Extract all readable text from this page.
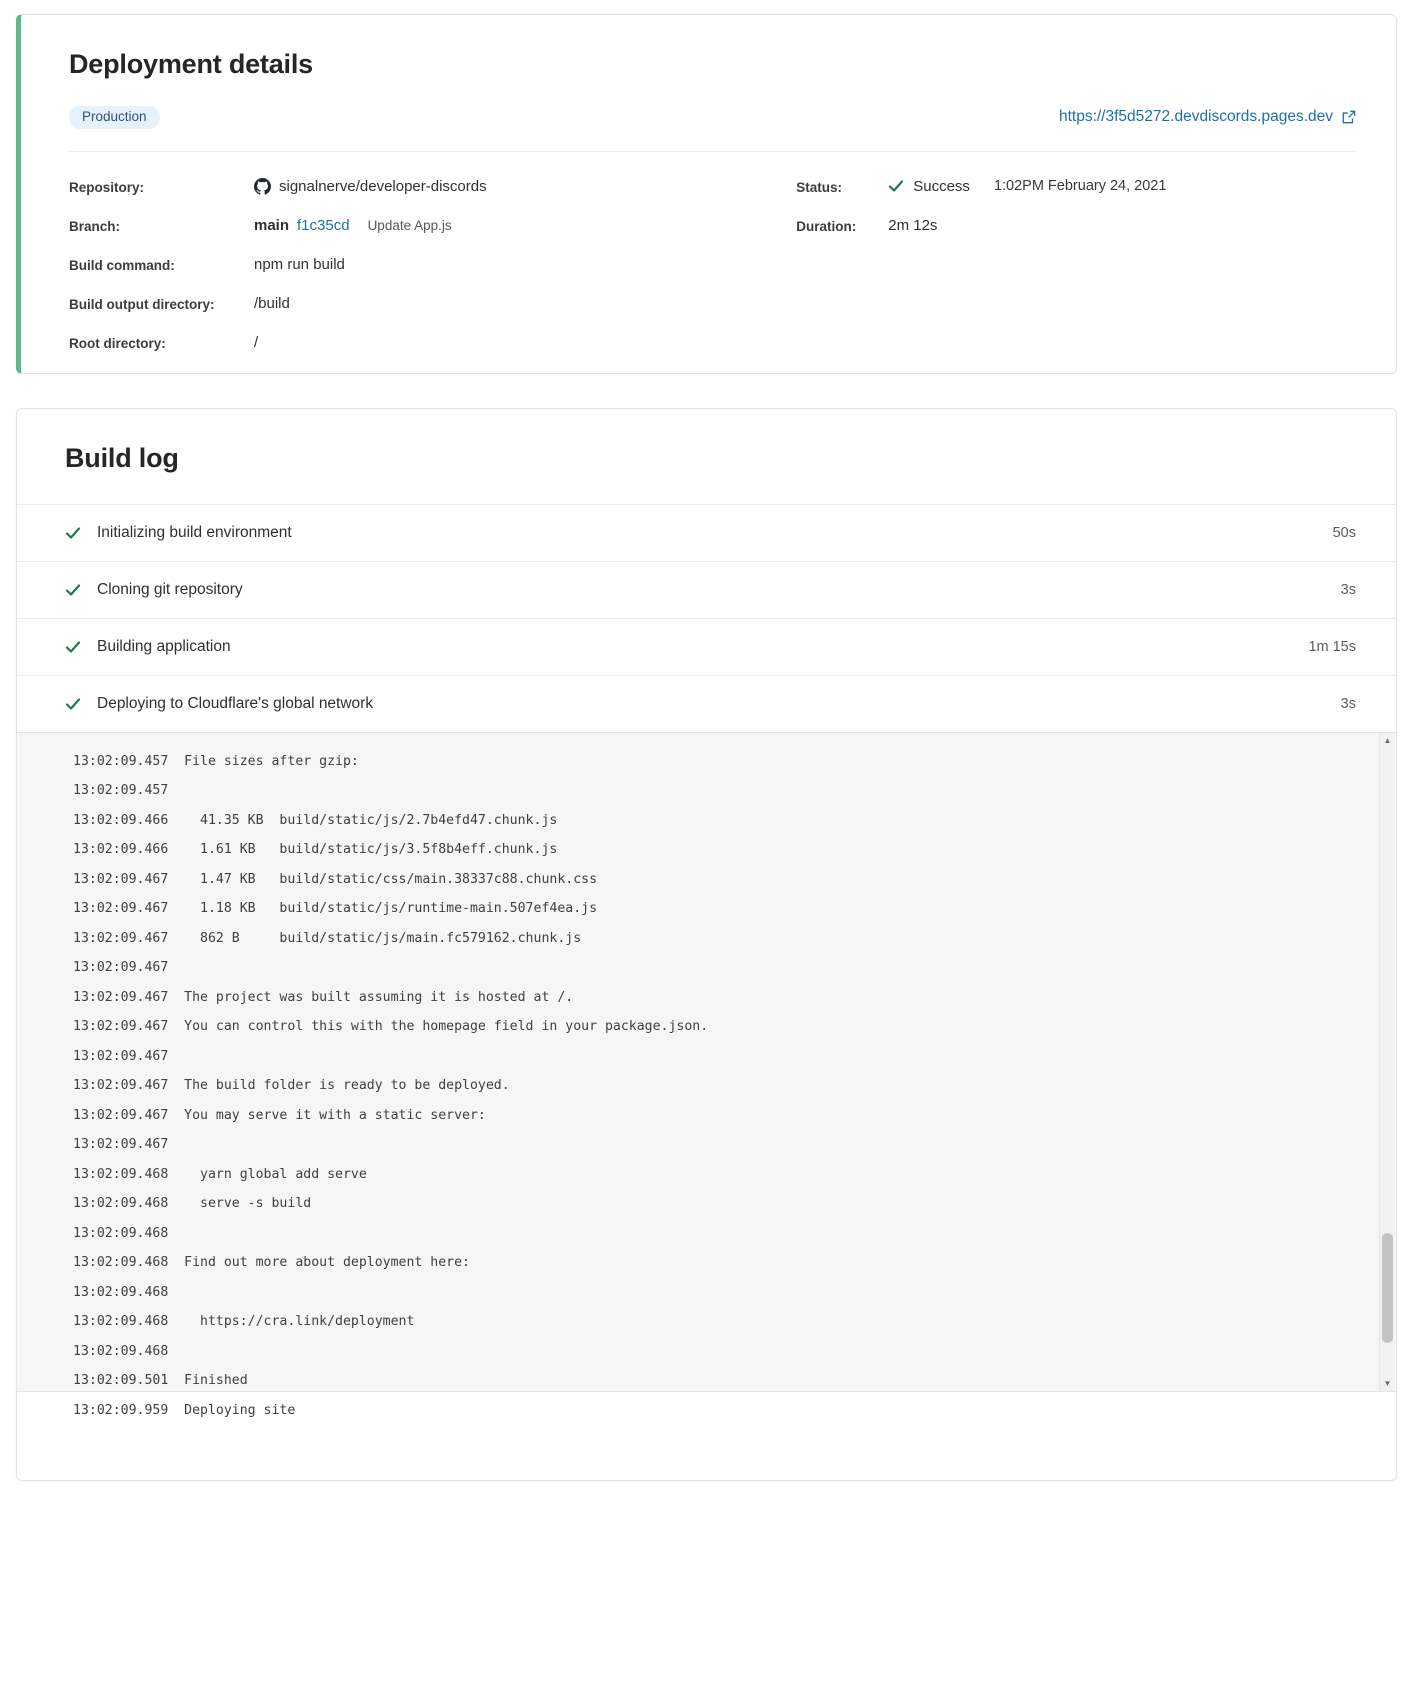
Deployment details
Production	https://3f5d5272.devdiscords.pages.dev
Repository:	signalnerve/developer-discords
Branch:	main f1c35cd Update App.js
Build command:	npm run build
Build output directory:	/build
Root directory:	/
Status:	Success 1:02PM February 24, 2021
Duration:	2m 12s
Build log
Initializing build environment	50s
Cloning git repository	3s
Building application	1m 15s
Deploying to Cloudflare's global network	3s
13:02:09.457  File sizes after gzip:
13:02:09.457
13:02:09.466    41.35 KB  build/static/js/2.7b4efd47.chunk.js
13:02:09.466    1.61 KB   build/static/js/3.5f8b4eff.chunk.js
13:02:09.467    1.47 KB   build/static/css/main.38337c88.chunk.css
13:02:09.467    1.18 KB   build/static/js/runtime-main.507ef4ea.js
13:02:09.467    862 B     build/static/js/main.fc579162.chunk.js
13:02:09.467
13:02:09.467  The project was built assuming it is hosted at /.
13:02:09.467  You can control this with the homepage field in your package.json.
13:02:09.467
13:02:09.467  The build folder is ready to be deployed.
13:02:09.467  You may serve it with a static server:
13:02:09.467
13:02:09.468    yarn global add serve
13:02:09.468    serve -s build
13:02:09.468
13:02:09.468  Find out more about deployment here:
13:02:09.468
13:02:09.468    https://cra.link/deployment
13:02:09.468
13:02:09.501  Finished
13:02:09.959  Deploying site
▲
▼
